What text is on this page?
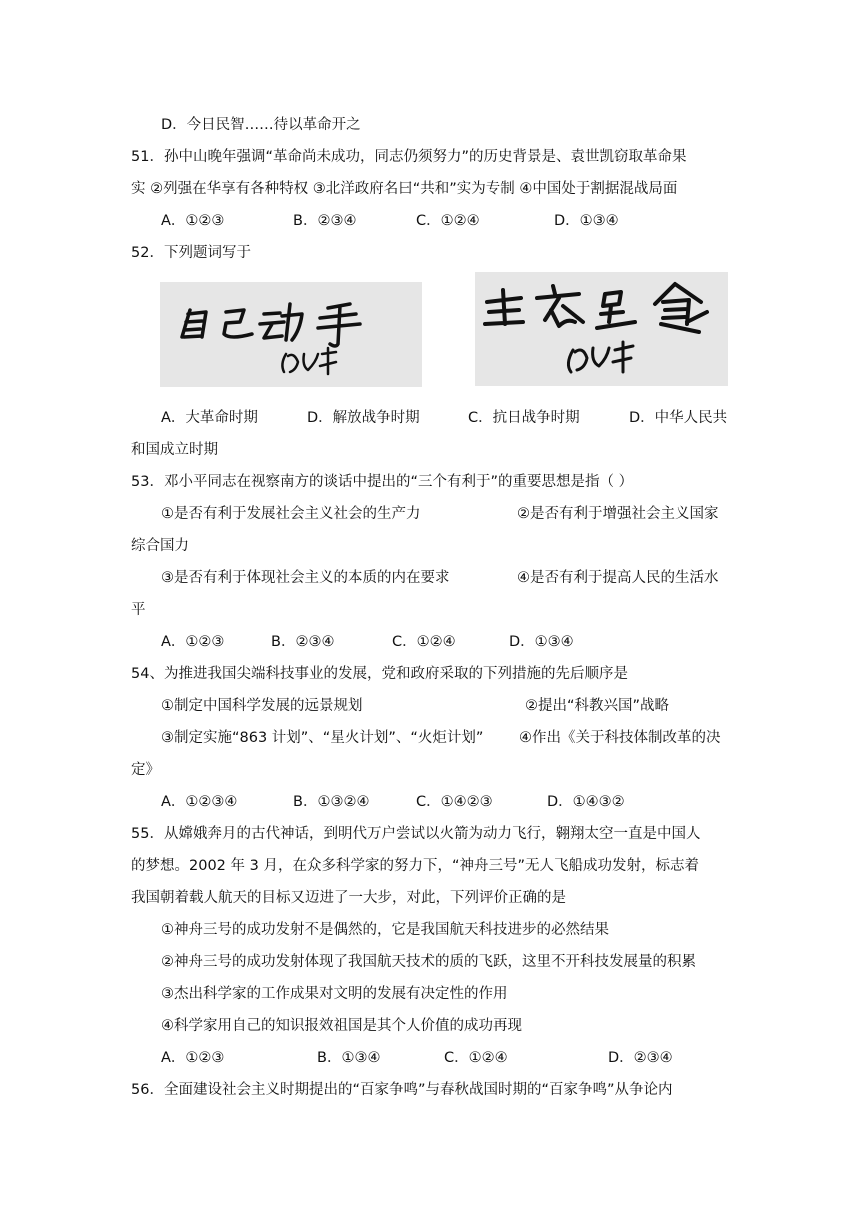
D．今日民智……待以革命开之
51．孙中山晚年强调“革命尚未成功，同志仍须努力”的历史背景是、袁世凯窃取革命果
实 ②列强在华享有各种特权 ③北洋政府名曰“共和”实为专制 ④中国处于割据混战局面
A．①②③	B．②③④	C．①②④	D．①③④
52．下列题词写于
A．大革命时期	D．解放战争时期	C．抗日战争时期	D．中华人民共
和国成立时期
53．邓小平同志在视察南方的谈话中提出的“三个有利于”的重要思想是指（ ）
①是否有利于发展社会主义社会的生产力	②是否有利于增强社会主义国家
综合国力
③是否有利于体现社会主义的本质的内在要求	④是否有利于提高人民的生活水
平
A．①②③	B．②③④	C．①②④	D．①③④
54、为推进我国尖端科技事业的发展，党和政府采取的下列措施的先后顺序是
①制定中国科学发展的远景规划	②提出“科教兴国”战略
③制定实施“863 计划”、“星火计划”、“火炬计划” ④作出《关于科技体制改革的决
定》
A．①②③④	B．①③②④	C．①④②③	D．①④③②
55．从嫦娥奔月的古代神话，到明代万户尝试以火箭为动力飞行，翱翔太空一直是中国人
的梦想。2002 年 3 月，在众多科学家的努力下，“神舟三号”无人飞船成功发射，标志着
我国朝着载人航天的目标又迈进了一大步，对此，下列评价正确的是
①神舟三号的成功发射不是偶然的，它是我国航天科技进步的必然结果
②神舟三号的成功发射体现了我国航天技术的质的飞跃，这里不开科技发展量的积累
③杰出科学家的工作成果对文明的发展有决定性的作用
④科学家用自己的知识报效祖国是其个人价值的成功再现
A．①②③	B．①③④	C．①②④	D．②③④
56．全面建设社会主义时期提出的“百家争鸣”与春秋战国时期的“百家争鸣”从争论内
